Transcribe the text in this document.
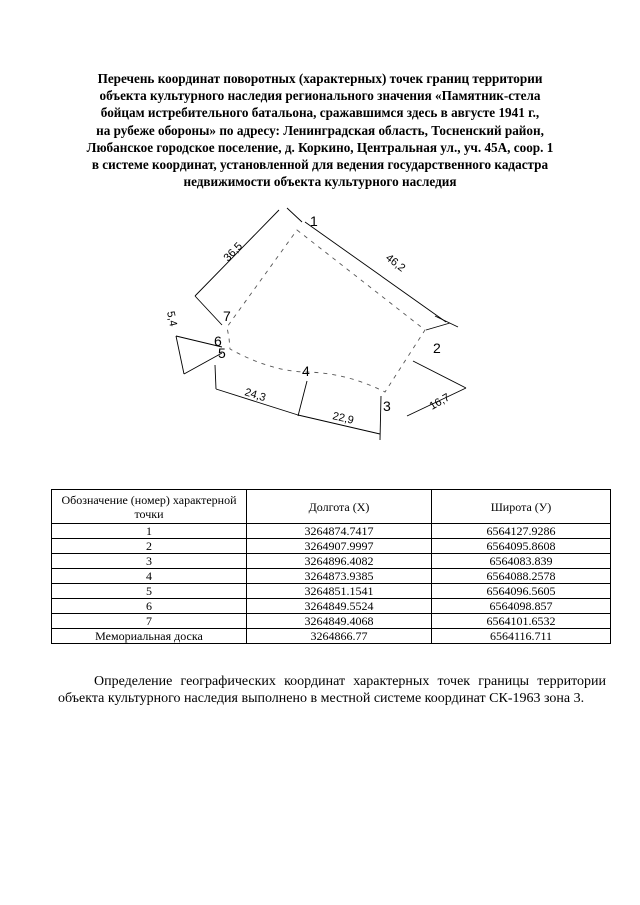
Перечень координат поворотных (характерных) точек границ территории
объекта культурного наследия регионального значения «Памятник-стела
бойцам истребительного батальона, сражавшимся здесь в августе 1941 г.,
на рубеже обороны» по адресу: Ленинградская область, Тосненский район,
Любанское городское поселение, д. Коркино, Центральная ул., уч. 45А, соор. 1
в системе координат, установленной для ведения государственного кадастра
недвижимости объекта культурного наследия
1
2
3
4
5
6
7
36,5	46,2
5,4
24,3
22,9
16,7
Обозначение (номер) характерной точки	Долгота (X)	Широта (У)
1	3264874.7417	6564127.9286
2	3264907.9997	6564095.8608
3	3264896.4082	6564083.839
4	3264873.9385	6564088.2578
5	3264851.1541	6564096.5605
6	3264849.5524	6564098.857
7	3264849.4068	6564101.6532
Мемориальная доска	3264866.77	6564116.711
Определение географических координат характерных точек границы территории объекта культурного наследия выполнено в местной системе координат СК-1963 зона 3.
